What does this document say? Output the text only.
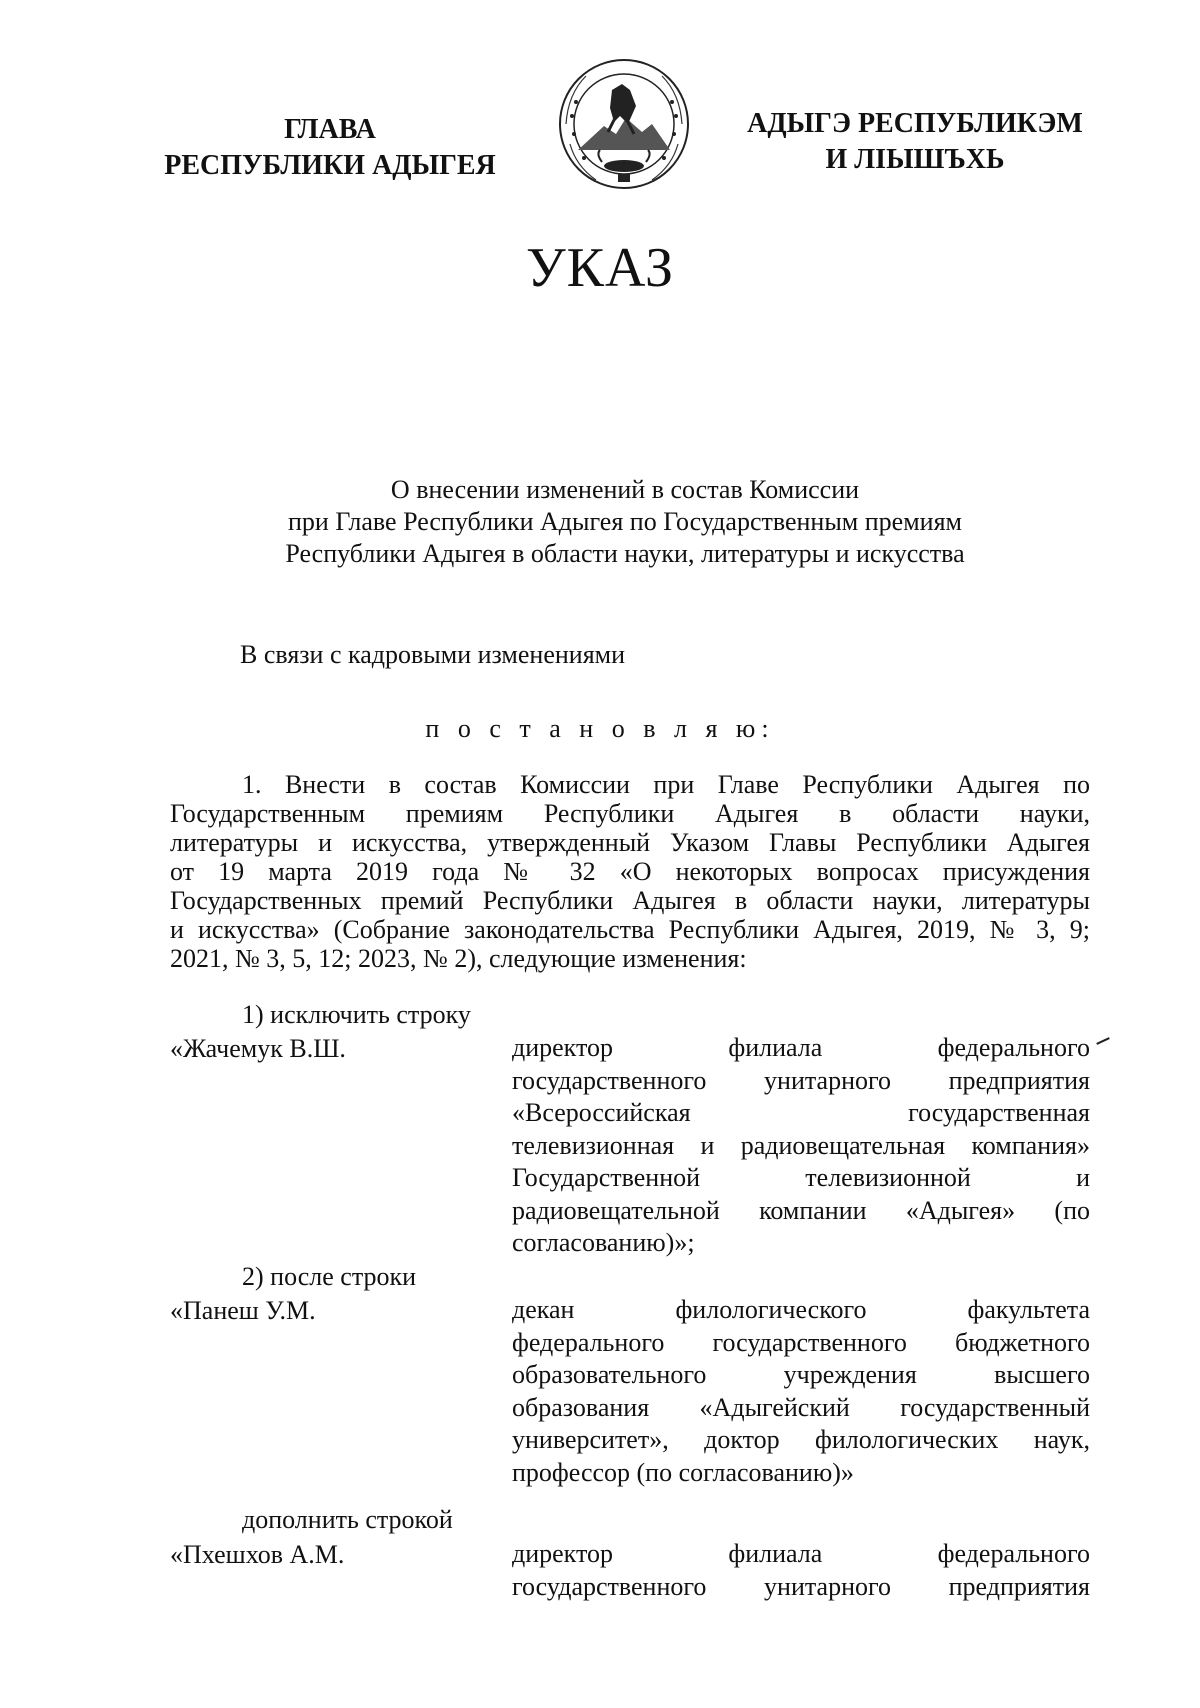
ГЛАВА
РЕСПУБЛИКИ АДЫГЕЯ
АДЫГЭ РЕСПУБЛИКЭМ
И ЛІЫШЪХЬ
УКАЗ
О внесении изменений в состав Комиссии
при Главе Республики Адыгея по Государственным премиям
Республики Адыгея в области науки, литературы и искусства
В связи с кадровыми изменениями
п о с т а н о в л я ю:
1. Внести в состав Комиссии при Главе Республики Адыгея по
Государственным премиям Республики Адыгея в области науки,
литературы и искусства, утвержденный Указом Главы Республики Адыгея
от 19 марта 2019 года № 32 «О некоторых вопросах присуждения
Государственных премий Республики Адыгея в области науки, литературы
и искусства» (Собрание законодательства Республики Адыгея, 2019, № 3, 9;
2021, № 3, 5, 12; 2023, № 2), следующие изменения:
1) исключить строку
«Жачемук В.Ш.	директор филиала федерального
государственного унитарного предприятия
«Всероссийская государственная
телевизионная и радиовещательная компания»
Государственной телевизионной и
радиовещательной компании «Адыгея» (по
согласованию)»;
2) после строки
«Панеш У.М.	декан филологического факультета
федерального государственного бюджетного
образовательного учреждения высшего
образования «Адыгейский государственный
университет», доктор филологических наук,
профессор (по согласованию)»
дополнить строкой
«Пхешхов А.М.	директор филиала федерального
государственного унитарного предприятия
